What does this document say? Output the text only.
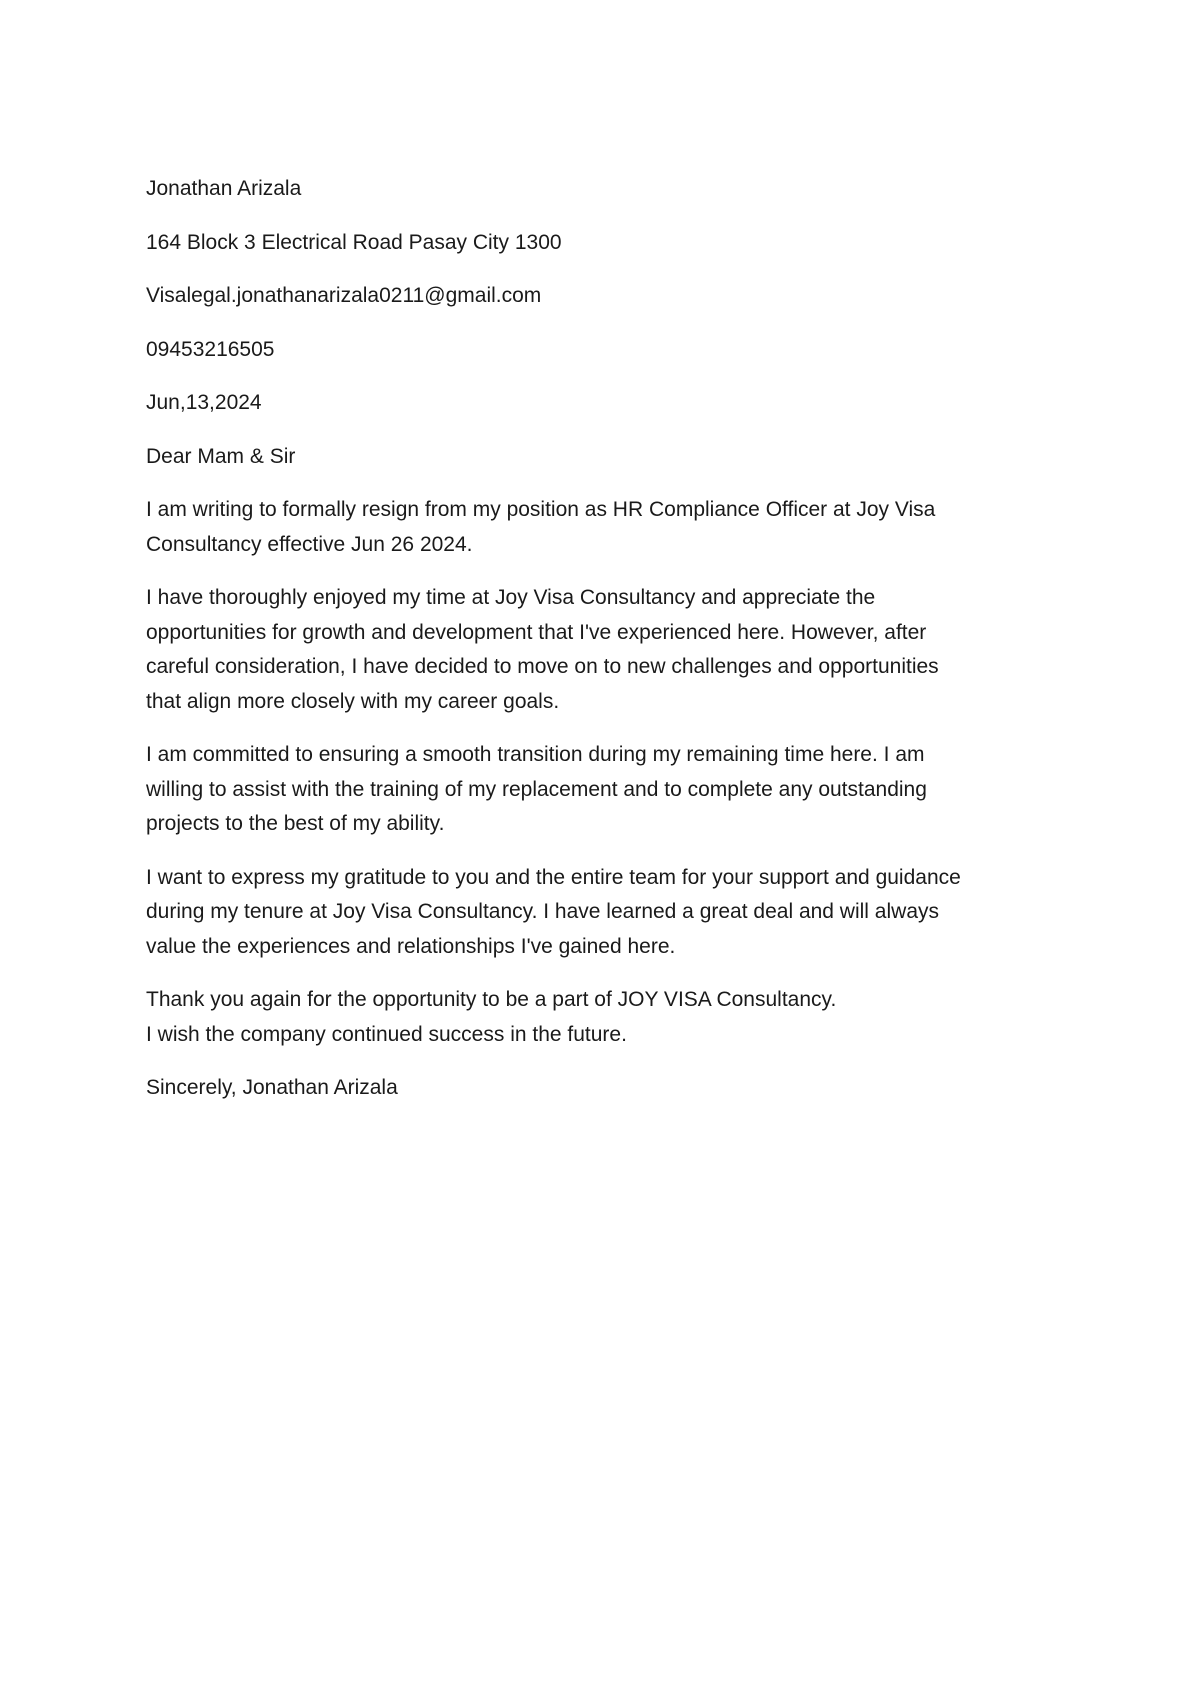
Jonathan Arizala
164 Block 3 Electrical Road Pasay City 1300
Visalegal.jonathanarizala0211@gmail.com
09453216505
Jun,13,2024
Dear Mam & Sir
I am writing to formally resign from my position as HR Compliance Officer at Joy Visa
Consultancy effective Jun 26 2024.
I have thoroughly enjoyed my time at Joy Visa Consultancy and appreciate the
opportunities for growth and development that I've experienced here. However, after
careful consideration, I have decided to move on to new challenges and opportunities
that align more closely with my career goals.
I am committed to ensuring a smooth transition during my remaining time here. I am
willing to assist with the training of my replacement and to complete any outstanding
projects to the best of my ability.
I want to express my gratitude to you and the entire team for your support and guidance
during my tenure at Joy Visa Consultancy. I have learned a great deal and will always
value the experiences and relationships I've gained here.
Thank you again for the opportunity to be a part of JOY VISA Consultancy.
I wish the company continued success in the future.
Sincerely, Jonathan Arizala
